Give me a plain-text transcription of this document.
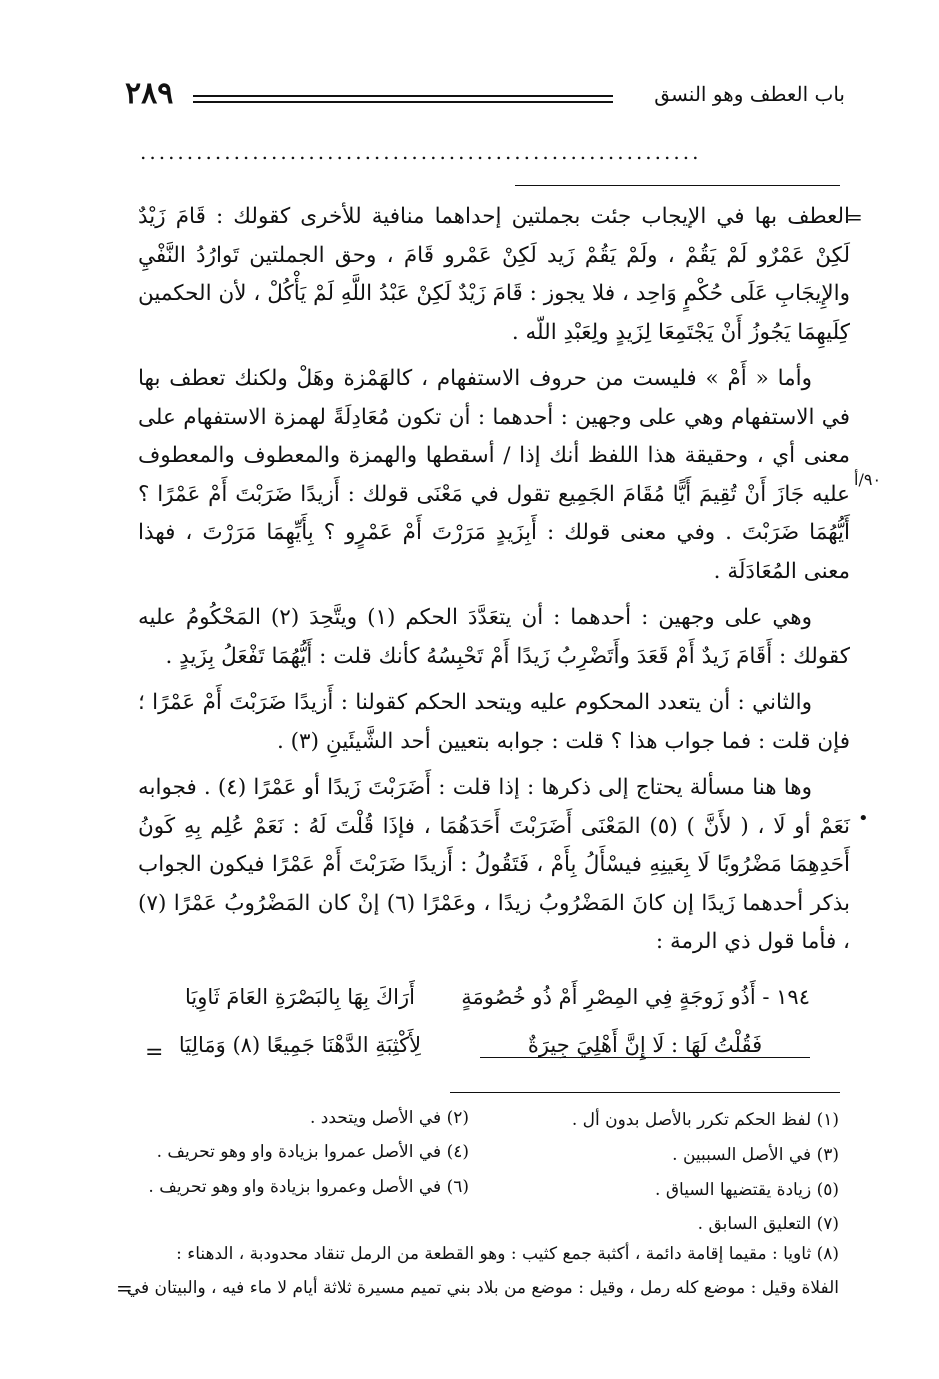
باب العطف وهو النسق
٢٨٩
............................................................
=
٩٠/أ
•

العطف بها في الإيجاب جئت بجملتين إحداهما منافية للأخرى كقولك : قَامَ زَيْدٌ لَكِنْ عَمْرٌو لَمْ يَقُمْ ، ولَمْ يَقُمْ زَيد لَكِنْ عَمْرو قَامَ ، وحق الجملتين تَوارُدُ النَّفْيِ والإِيجَابِ عَلَى حُكْمٍ وَاحِد ، فلا يجوز : قَامَ زَيْدٌ لَكِنْ عَبْدُ اللَّهِ لَمْ يَأْكُلْ ، لأن الحكمين كِلَيهِمَا يَجُوزُ أَنْ يَجْتَمِعَا لِزَيدٍ ولِعَبْدِ اللّه .

وأما « أَمْ » فليست من حروف الاستفهام ، كالهَمْزة وهَلْ ولكنك تعطف بها في الاستفهام وهي على وجهين : أحدهما : أن تكون مُعَادِلَةً لهمزة الاستفهام على معنى أي ، وحقيقة هذا اللفظ أنك إذا / أسقطها والهمزة والمعطوف والمعطوف عليه جَازَ أَنْ تُقِيمَ أَيًّا مُقَامَ الجَمِيع تقول في مَعْنَى قولك : أَزيدًا ضَرَبْتَ أَمْ عَمْرًا ؟ أَيُّهُمَا ضَرَبْتَ . وفي معنى قولك : أَبِزَيدٍ مَرَرْتَ أَمْ عَمْرٍو ؟ بِأَيِّهِمَا مَرَرْتَ ، فهذا معنى المُعَادَلَة .

وهي على وجهين : أحدهما : أن يتعَدَّدَ الحكم (١) ويتَّحِدَ (٢) المَحْكُومُ عليه كقولك : أَقَامَ زَيدٌ أَمْ قَعَدَ وأَتَضْرِبُ زَيدًا أَمْ تَحْبِسُهُ كأنك قلت : أَيُّهُمَا تَفْعَلُ بِزَيدٍ .

والثاني : أن يتعدد المحكوم عليه ويتحد الحكم كقولنا : أَزيدًا ضَرَبْتَ أَمْ عَمْرًا ؛ فإن قلت : فما جواب هذا ؟ قلت : جوابه بتعيين أحد الشَّيئَينِ (٣) .

وها هنا مسألة يحتاج إلى ذكرها : إذا قلت : أَضَرَبْتَ زَيدًا أو عَمْرًا (٤) . فجوابه نَعَمْ أو لَا ، ( لأَنَّ ) (٥) المَعْنَى أَضَرَبْتَ أَحَدَهُمَا ، فإذَا قُلْتَ لَهُ : نَعَمْ عُلِم بِهِ كَونُ أَحَدِهِمَا مَضْرُوبًا لَا بِعَينِهِ فيسْأَلُ بِأَمْ ، فَتَقُولُ : أَزيدًا ضَرَبْتَ أَمْ عَمْرًا فيكون الجواب بذكر أحدهما زَيدًا إن كانَ المَضْرُوبُ زيدًا ، وعَمْرًا (٦) إنْ كان المَضْرُوبُ عَمْرًا (٧) ، فأما قول ذي الرمة :

١٩٤ - أَذُو زَوجَةٍ فِي المِصْرِ أَمْ ذُو خُصُومَةٍ
أَرَاكَ بِهَا بِالبَصْرَةِ العَامَ ثَاوِيَا
فَقُلْتُ لَهَا : لَا إِنَّ أَهْلِيَ جِيرَةٌ
لِأَكْثِبَةِ الدَّهْنَا جَمِيعًا (٨) وَمَالِيَا
=
(١) لفظ الحكم تكرر بالأصل بدون أل .
(٢) في الأصل ويتحدد .
(٣) في الأصل السببين .
(٤) في الأصل عمروا بزيادة واو وهو تحريف .
(٥) زيادة يقتضيها السياق .
(٦) في الأصل وعمروا بزيادة واو وهو تحريف .
(٧) التعليق السابق .
(٨) ثاويا : مقيما إقامة دائمة ، أكثبة جمع كثيب : وهو القطعة من الرمل تنقاد محدودبة ، الدهناء :
الفلاة وقيل : موضع كله رمل ، وقيل : موضع من بلاد بني تميم مسيرة ثلاثة أيام لا ماء فيه ، والبيتان في
=
